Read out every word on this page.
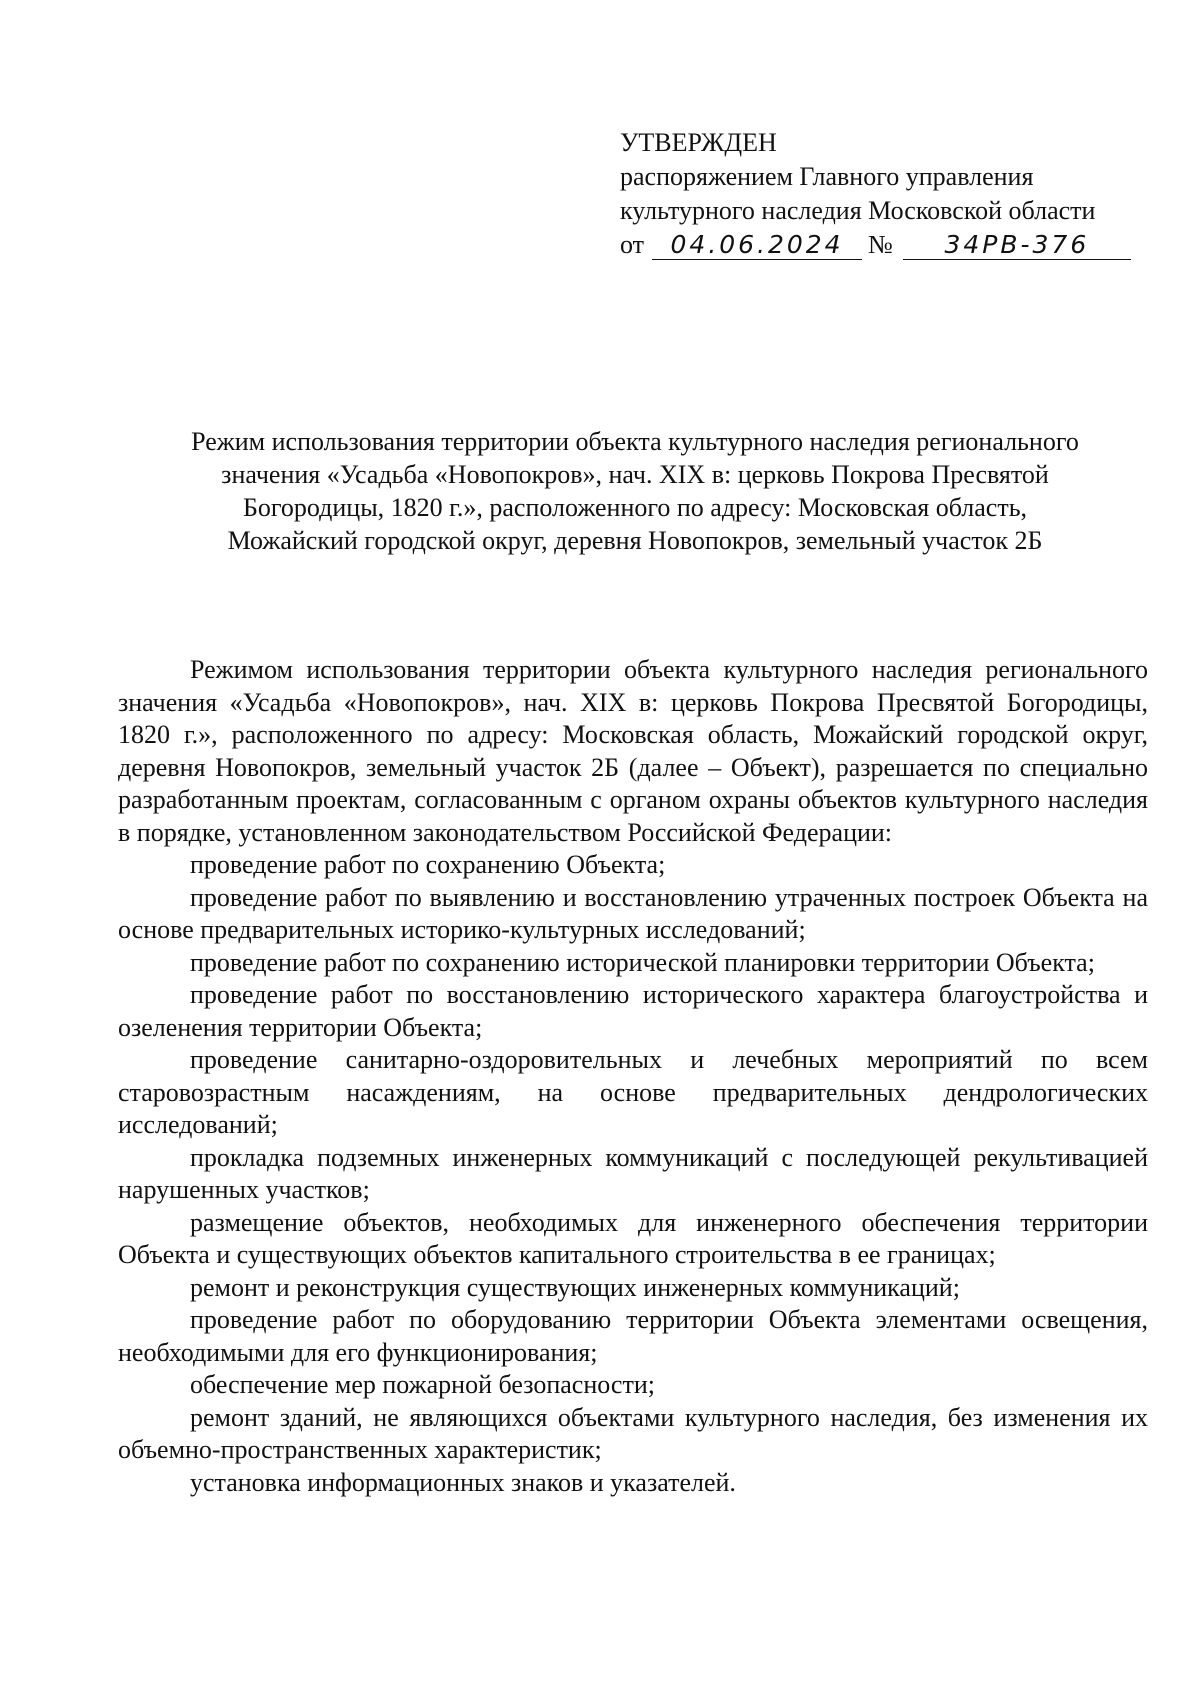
УТВЕРЖДЕН
распоряжением Главного управления
культурного наследия Московской области
от 04.06.2024 № 34РВ-376
Режим использования территории объекта культурного наследия регионального
значения «Усадьба «Новопокров», нач. XIX в: церковь Покрова Пресвятой
Богородицы, 1820 г.», расположенного по адресу: Московская область,
Можайский городской округ, деревня Новопокров, земельный участок 2Б

Режимом использования территории объекта культурного наследия регионального значения «Усадьба «Новопокров», нач. XIX в: церковь Покрова Пресвятой Богородицы, 1820 г.», расположенного по адресу: Московская область, Можайский городской округ, деревня Новопокров, земельный участок 2Б (далее – Объект), разрешается по специально разработанным проектам, согласованным с органом охраны объектов культурного наследия в порядке, установленном законодательством Российской Федерации:

проведение работ по сохранению Объекта;

проведение работ по выявлению и восстановлению утраченных построек Объекта на основе предварительных историко-культурных исследований;

проведение работ по сохранению исторической планировки территории Объекта;

проведение работ по восстановлению исторического характера благоустройства и озеленения территории Объекта;

проведение санитарно-оздоровительных и лечебных мероприятий по всем старовозрастным насаждениям, на основе предварительных дендрологических исследований;

прокладка подземных инженерных коммуникаций с последующей рекультивацией нарушенных участков;

размещение объектов, необходимых для инженерного обеспечения территории Объекта и существующих объектов капитального строительства в ее границах;

ремонт и реконструкция существующих инженерных коммуникаций;

проведение работ по оборудованию территории Объекта элементами освещения, необходимыми для его функционирования;

обеспечение мер пожарной безопасности;

ремонт зданий, не являющихся объектами культурного наследия, без изменения их объемно-пространственных характеристик;

установка информационных знаков и указателей.
